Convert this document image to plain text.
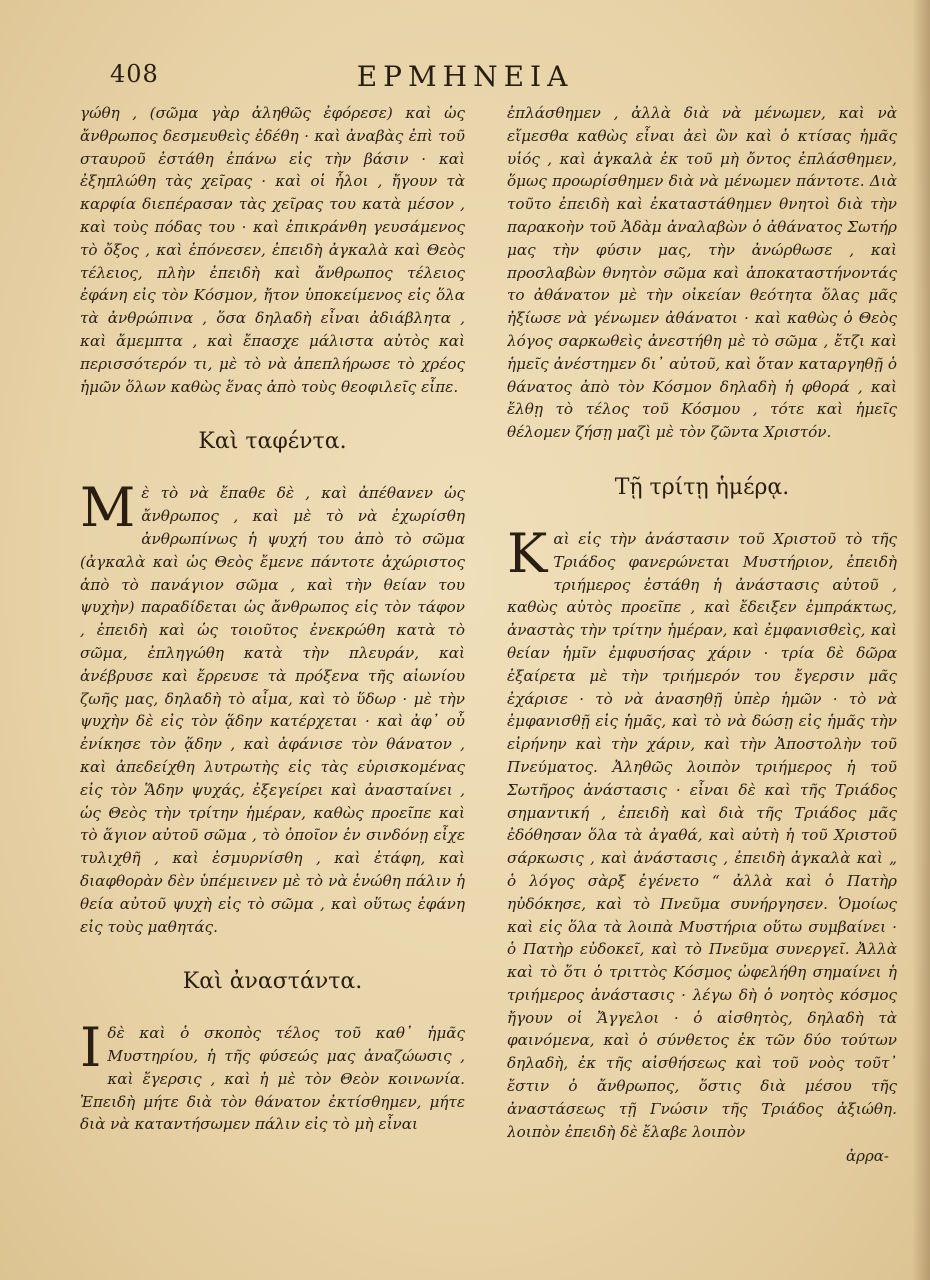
408	ΕΡΜΗΝΕΙΑ

γώθη , (σῶμα γὰρ ἀληθῶς ἐφόρεσε) καὶ ὡς ἄνθρωπος δεσμευθεὶς ἐδέθη · καὶ ἀναβὰς ἐπὶ τοῦ σταυροῦ ἐστάθη ἐπάνω εἰς τὴν βάσιν · καὶ ἐξηπλώθη τὰς χεῖρας · καὶ οἱ ἧλοι , ἤγουν τὰ καρφία διεπέρασαν τὰς χεῖρας του κατὰ μέσον , καὶ τοὺς πόδας του · καὶ ἐπικράνθη γευσάμενος τὸ ὄξος , καὶ ἐπόνεσεν, ἐπειδὴ ἀγκαλὰ καὶ Θεὸς τέλειος, πλὴν ἐπειδὴ καὶ ἄνθρωπος τέλειος ἐφάνη εἰς τὸν Κόσμον, ἤτον ὑποκείμενος εἰς ὅλα τὰ ἀνθρώπινα , ὅσα δηλαδὴ εἶναι ἀδιάβλητα , καὶ ἄμεμπτα , καὶ ἔπασχε μάλιστα αὐτὸς καὶ περισσότερόν τι, μὲ τὸ νὰ ἀπεπλήρωσε τὸ χρέος ἡμῶν ὅλων καθὼς ἕνας ἀπὸ τοὺς θεοφιλεῖς εἶπε.

Καὶ ταφέντα.

Μὲ τὸ νὰ ἔπαθε δὲ , καὶ ἀπέθανεν ὡς ἄνθρωπος , καὶ μὲ τὸ νὰ ἐχωρίσθη ἀνθρωπίνως ἡ ψυχή του ἀπὸ τὸ σῶμα (ἀγκαλὰ καὶ ὡς Θεὸς ἔμενε πάντοτε ἀχώριστος ἀπὸ τὸ πανάγιον σῶμα , καὶ τὴν θείαν του ψυχὴν) παραδίδεται ὡς ἄνθρωπος εἰς τὸν τάφον , ἐπειδὴ καὶ ὡς τοιοῦτος ἐνεκρώθη κατὰ τὸ σῶμα, ἐπληγώθη κατὰ τὴν πλευράν, καὶ ἀνέβρυσε καὶ ἔρρευσε τὰ πρόξενα τῆς αἰωνίου ζωῆς μας, δηλαδὴ τὸ αἷμα, καὶ τὸ ὕδωρ · μὲ τὴν ψυχὴν δὲ εἰς τὸν ᾅδην κατέρχεται · καὶ ἀφ᾽ οὗ ἐνίκησε τὸν ᾅδην , καὶ ἀφάνισε τὸν θάνατον , καὶ ἀπεδείχθη λυτρωτὴς εἰς τὰς εὑρισκομένας εἰς τὸν Ἅδην ψυχάς, ἐξεγείρει καὶ ἀνασταίνει , ὡς Θεὸς τὴν τρίτην ἡμέραν, καθὼς προεῖπε καὶ τὸ ἅγιον αὐτοῦ σῶμα , τὸ ὁποῖον ἐν σινδόνῃ εἶχε τυλιχθῆ , καὶ ἐσμυρνίσθη , καὶ ἐτάφη, καὶ διαφθορὰν δὲν ὑπέμεινεν μὲ τὸ νὰ ἑνώθη πάλιν ἡ θεία αὐτοῦ ψυχὴ εἰς τὸ σῶμα , καὶ οὕτως ἐφάνη εἰς τοὺς μαθητάς.

Καὶ ἀναστάντα.

Ιδὲ καὶ ὁ σκοπὸς τέλος τοῦ καθ᾽ ἡμᾶς Μυστηρίου, ἡ τῆς φύσεώς μας ἀναζώωσις , καὶ ἔγερσις , καὶ ἡ μὲ τὸν Θεὸν κοινωνία. Ἐπειδὴ μήτε διὰ τὸν θάνατον ἐκτίσθημεν, μήτε διὰ νὰ καταντήσωμεν πάλιν εἰς τὸ μὴ εἶναι

ἐπλάσθημεν , ἀλλὰ διὰ νὰ μένωμεν, καὶ νὰ εἴμεσθα καθὼς εἶναι ἀεὶ ὢν καὶ ὁ κτίσας ἡμᾶς υἱός , καὶ ἀγκαλὰ ἐκ τοῦ μὴ ὄντος ἐπλάσθημεν, ὅμως προωρίσθημεν διὰ νὰ μένωμεν πάντοτε. Διὰ τοῦτο ἐπειδὴ καὶ ἐκαταστάθημεν θνητοὶ διὰ τὴν παρακοὴν τοῦ Ἀδὰμ ἀναλαβὼν ὁ ἀθάνατος Σωτήρ μας τὴν φύσιν μας, τὴν ἀνώρθωσε , καὶ προσλαβὼν θνητὸν σῶμα καὶ ἀποκαταστήνοντάς το ἀθάνατον μὲ τὴν οἰκείαν θεότητα ὅλας μᾶς ἠξίωσε νὰ γένωμεν ἀθάνατοι · καὶ καθὼς ὁ Θεὸς λόγος σαρκωθεὶς ἀνεστήθη μὲ τὸ σῶμα , ἔτζι καὶ ἡμεῖς ἀνέστημεν δι᾽ αὐτοῦ, καὶ ὅταν καταργηθῇ ὁ θάνατος ἀπὸ τὸν Κόσμον δηλαδὴ ἡ φθορά , καὶ ἔλθῃ τὸ τέλος τοῦ Κόσμου , τότε καὶ ἡμεῖς θέλομεν ζήσῃ μαζὶ μὲ τὸν ζῶντα Χριστόν.

Τῇ τρίτῃ ἡμέρᾳ.

Καὶ εἰς τὴν ἀνάστασιν τοῦ Χριστοῦ τὸ τῆς Τριάδος φανερώνεται Μυστήριον, ἐπειδὴ τριήμερος ἐστάθη ἡ ἀνάστασις αὐτοῦ , καθὼς αὐτὸς προεῖπε , καὶ ἔδειξεν ἐμπράκτως, ἀναστὰς τὴν τρίτην ἡμέραν, καὶ ἐμφανισθεὶς, καὶ θείαν ἡμῖν ἐμφυσήσας χάριν · τρία δὲ δῶρα ἐξαίρετα μὲ τὴν τριήμερόν του ἔγερσιν μᾶς ἐχάρισε · τὸ νὰ ἀνασηθῇ ὑπὲρ ἡμῶν · τὸ νὰ ἐμφανισθῇ εἰς ἡμᾶς, καὶ τὸ νὰ δώσῃ εἰς ἡμᾶς τὴν εἰρήνην καὶ τὴν χάριν, καὶ τὴν Ἀποστολὴν τοῦ Πνεύματος. Ἀληθῶς λοιπὸν τριήμερος ἡ τοῦ Σωτῆρος ἀνάστασις · εἶναι δὲ καὶ τῆς Τριάδος σημαντική , ἐπειδὴ καὶ διὰ τῆς Τριάδος μᾶς ἐδόθησαν ὅλα τὰ ἀγαθά, καὶ αὐτὴ ἡ τοῦ Χριστοῦ σάρκωσις , καὶ ἀνάστασις , ἐπειδὴ ἀγκαλὰ καὶ „ ὁ λόγος σὰρξ ἐγένετο “ ἀλλὰ καὶ ὁ Πατὴρ ηὐδόκησε, καὶ τὸ Πνεῦμα συνήργησεν. Ὁμοίως καὶ εἰς ὅλα τὰ λοιπὰ Μυστήρια οὕτω συμβαίνει · ὁ Πατὴρ εὐδοκεῖ, καὶ τὸ Πνεῦμα συνεργεῖ. Ἀλλὰ καὶ τὸ ὅτι ὁ τριττὸς Κόσμος ὠφελήθη σημαίνει ἡ τριήμερος ἀνάστασις · λέγω δὴ ὁ νοητὸς κόσμος ἤγουν οἱ Ἄγγελοι · ὁ αἰσθητὸς, δηλαδὴ τὰ φαινόμενα, καὶ ὁ σύνθετος ἐκ τῶν δύο τούτων δηλαδὴ, ἐκ τῆς αἰσθήσεως καὶ τοῦ νοὸς τοῦτ᾽ ἔστιν ὁ ἄνθρωπος, ὅστις διὰ μέσου τῆς ἀναστάσεως τῇ Γνώσιν τῆς Τριάδος ἀξιώθη. λοιπὸν ἐπειδὴ δὲ ἔλαβε λοιπὸν

ἀρρα-
